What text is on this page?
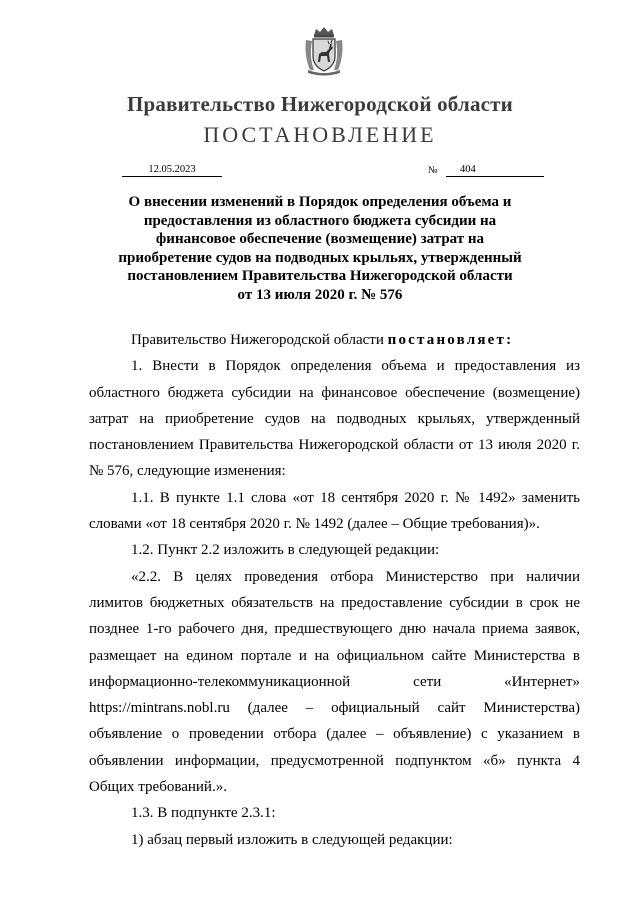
Правительство Нижегородской области
ПОСТАНОВЛЕНИЕ
12.05.2023	№	404
О внесении изменений в Порядок определения объема и
предоставления из областного бюджета субсидии на
финансовое обеспечение (возмещение) затрат на
приобретение судов на подводных крыльях, утвержденный
постановлением Правительства Нижегородской области
от 13 июля 2020 г. № 576
Правительство Нижегородской области постановляет:
1. Внести в Порядок определения объема и предоставления из
областного бюджета субсидии на финансовое обеспечение (возмещение)
затрат на приобретение судов на подводных крыльях, утвержденный
постановлением Правительства Нижегородской области от 13 июля 2020 г.
№ 576, следующие изменения:
1.1. В пункте 1.1 слова «от 18 сентября 2020 г. № 1492» заменить
словами «от 18 сентября 2020 г. № 1492 (далее – Общие требования)».
1.2. Пункт 2.2 изложить в следующей редакции:
«2.2. В целях проведения отбора Министерство при наличии
лимитов бюджетных обязательств на предоставление субсидии в срок не
позднее 1-го рабочего дня, предшествующего дню начала приема заявок,
размещает на едином портале и на официальном сайте Министерства в
информационно-телекоммуникационной	сети	«Интернет»
https://mintrans.nobl.ru (далее – официальный сайт Министерства)
объявление о проведении отбора (далее – объявление) с указанием в
объявлении информации, предусмотренной подпунктом «б» пункта 4
Общих требований.».
1.3. В подпункте 2.3.1:
1) абзац первый изложить в следующей редакции:
